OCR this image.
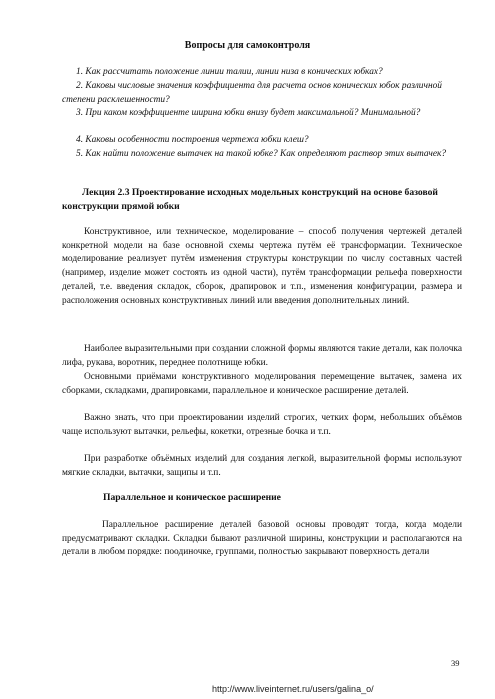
Вопросы для самоконтроля
1. Как рассчитать положение линии талии, линии низа в конических юбках?
2. Каковы числовые значения коэффициента для расчета основ конических юбок различной степени расклешенности?
3. При каком коэффициенте ширина юбки внизу будет максимальной? Минимальной?
4. Каковы особенности построения чертежа юбки клеш?
5. Как найти положение вытачек на такой юбке? Как определяют раствор этих вытачек?
Лекция 2.3 Проектирование исходных модельных конструкций на основе базовой конструкции прямой юбки
Конструктивное, или техническое, моделирование – способ получения чертежей деталей конкретной модели на базе основной схемы чертежа путём её трансформации. Техническое моделирование реализует путём изменения структуры конструкции по числу составных частей (например, изделие может состоять из одной части), путём трансформации рельефа поверхности деталей, т.е. введения складок, сборок, драпировок и т.п., изменения конфигурации, размера и расположения основных конструктивных линий или введения дополнительных линий.
Наиболее выразительными при создании сложной формы являются такие детали, как полочка лифа, рукава, воротник, переднее полотнище юбки.
Основными приёмами конструктивного моделирования перемещение вытачек, замена их сборками, складками, драпировками, параллельное и коническое расширение деталей.
Важно знать, что при проектировании изделий строгих, четких форм, небольших объёмов чаще используют вытачки, рельефы, кокетки, отрезные бочка и т.п.
При разработке объёмных изделий для создания легкой, выразительной формы используют мягкие складки, вытачки, защипы и т.п.
Параллельное и коническое расширение
Параллельное расширение деталей базовой основы проводят тогда, когда модели предусматривают складки. Складки бывают различной ширины, конструкции и располагаются на детали в любом порядке: поодиночке, группами, полностью закрывают поверхность детали
39
http://www.liveinternet.ru/users/galina_o/
